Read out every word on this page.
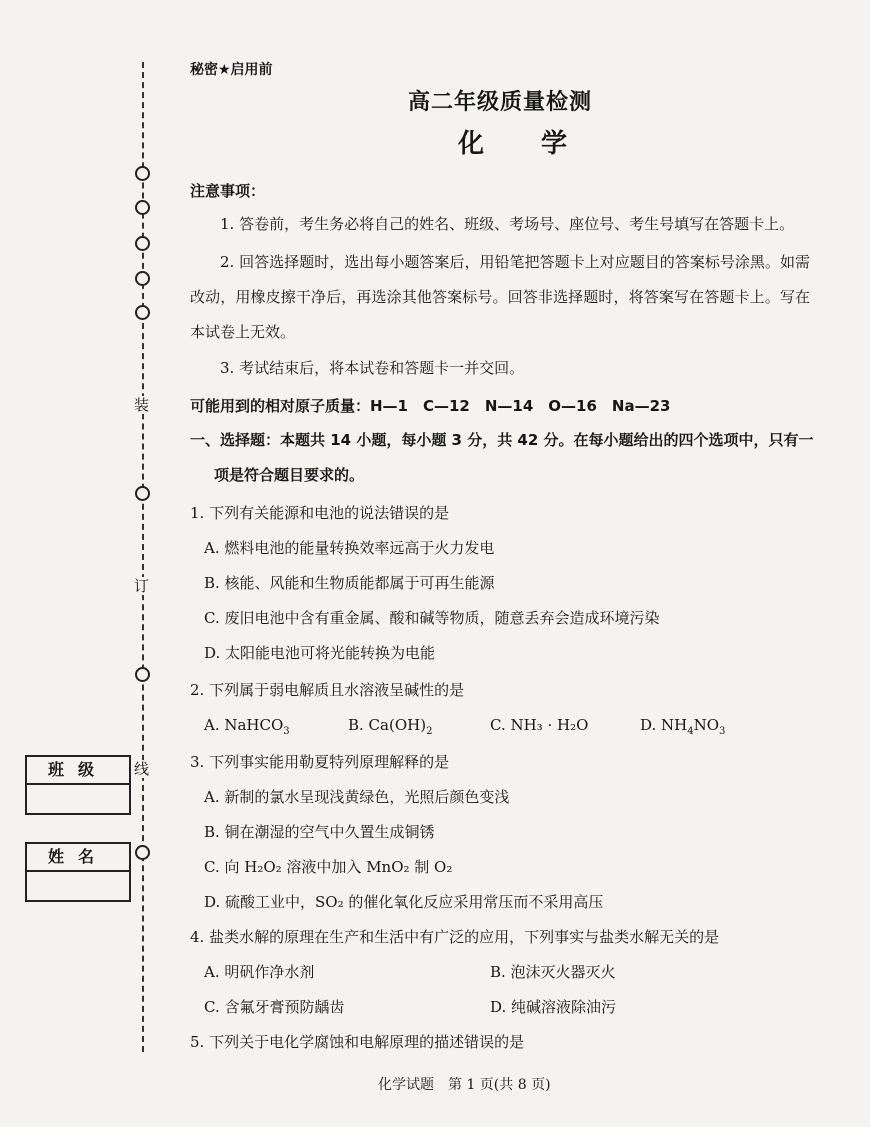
装
订
线
班级
姓名
秘密★启用前
高二年级质量检测
化 学
注意事项：
1. 答卷前，考生务必将自己的姓名、班级、考场号、座位号、考生号填写在答题卡上。
2. 回答选择题时，选出每小题答案后，用铅笔把答题卡上对应题目的答案标号涂黑。如需改动，用橡皮擦干净后，再选涂其他答案标号。回答非选择题时，将答案写在答题卡上。写在本试卷上无效。
3. 考试结束后，将本试卷和答题卡一并交回。
可能用到的相对原子质量：H—1　C—12　N—14　O—16　Na—23
一、选择题：本题共 14 小题，每小题 3 分，共 42 分。在每小题给出的四个选项中，只有一
项是符合题目要求的。
1. 下列有关能源和电池的说法错误的是
A. 燃料电池的能量转换效率远高于火力发电
B. 核能、风能和生物质能都属于可再生能源
C. 废旧电池中含有重金属、酸和碱等物质，随意丢弃会造成环境污染
D. 太阳能电池可将光能转换为电能
2. 下列属于弱电解质且水溶液呈碱性的是
A. NaHCO$_3$	B. $Ca(OH)_2$	C. NH₃ · H₂O	D. $NH_4NO_3$
3. 下列事实能用勒夏特列原理解释的是
A. 新制的氯水呈现浅黄绿色，光照后颜色变浅
B. 铜在潮湿的空气中久置生成铜锈
C. 向 H₂O₂ 溶液中加入 MnO₂ 制 O₂
D. 硫酸工业中，SO₂ 的催化氧化反应采用常压而不采用高压
4. 盐类水解的原理在生产和生活中有广泛的应用，下列事实与盐类水解无关的是
A. 明矾作净水剂	B. 泡沫灭火器灭火
C. 含氟牙膏预防龋齿	D. 纯碱溶液除油污
5. 下列关于电化学腐蚀和电解原理的描述错误的是
化学试题　第 1 页(共 8 页)
